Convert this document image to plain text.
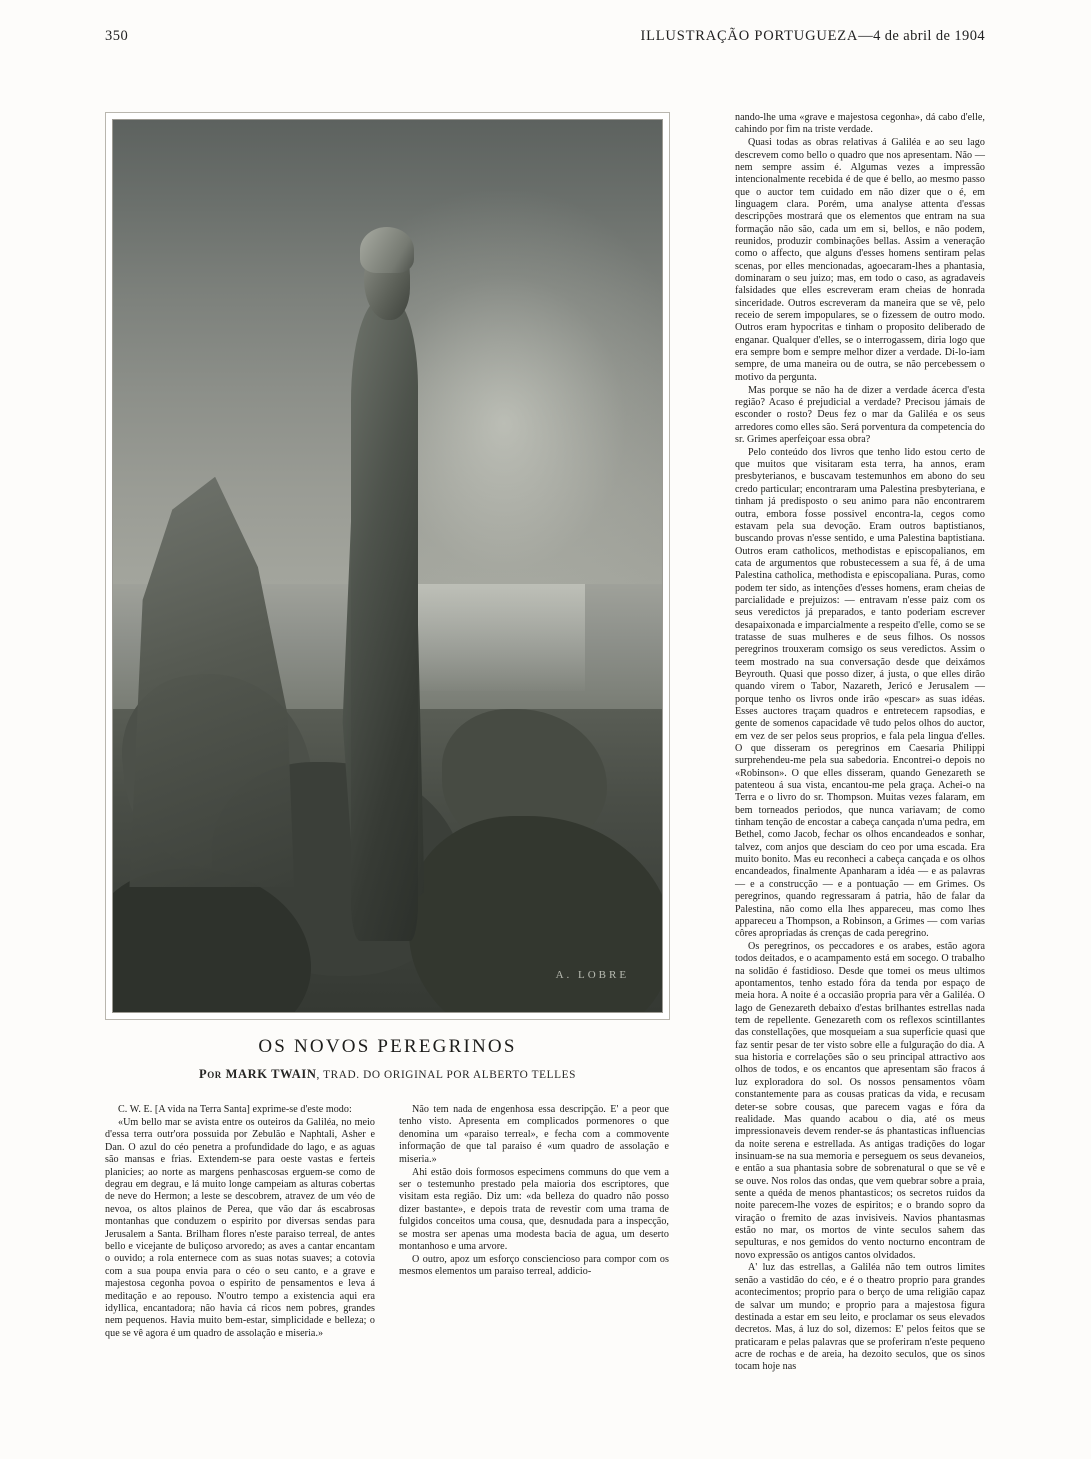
350	ILLUSTRAÇÃO PORTUGUEZA—4 de abril de 1904
A. LOBRE
OS NOVOS PEREGRINOS
Por MARK TWAIN, TRAD. DO ORIGINAL POR ALBERTO TELLES

C. W. E. [A vida na Terra Santa] exprime-se d'este modo:

«Um bello mar se avista entre os outeiros da Galiléa, no meio d'essa terra outr'ora possuida por Zebulão e Naphtali, Asher e Dan. O azul do céo penetra a profundidade do lago, e as aguas são mansas e frias. Extendem-se para oeste vastas e ferteis planicies; ao norte as margens penhascosas erguem-se como de degrau em degrau, e lá muito longe campeiam as alturas cobertas de neve do Hermon; a leste se descobrem, atravez de um véo de nevoa, os altos plainos de Perea, que vão dar ás escabrosas montanhas que conduzem o espirito por diversas sendas para Jerusalem a Santa. Brilham flores n'este paraiso terreal, de antes bello e vicejante de buliçoso arvoredo; as aves a cantar encantam o ouvido; a rola enternece com as suas notas suaves; a cotovia com a sua poupa envia para o céo o seu canto, e a grave e majestosa cegonha povoa o espirito de pensamentos e leva á meditação e ao repouso. N'outro tempo a existencia aqui era idyllica, encantadora; não havia cá ricos nem pobres, grandes nem pequenos. Havia muito bem-estar, simplicidade e belleza; o que se vê agora é um quadro de assolação e miseria.»

Não tem nada de engenhosa essa descripção. E' a peor que tenho visto. Apresenta em complicados pormenores o que denomina um «paraiso terreal», e fecha com a commovente informação de que tal paraiso é «um quadro de assolação e miseria.»

Ahi estão dois formosos especimens communs do que vem a ser o testemunho prestado pela maioria dos escriptores, que visitam esta região. Diz um: «da belleza do quadro não posso dizer bastante», e depois trata de revestir com uma trama de fulgidos conceitos uma cousa, que, desnudada para a inspecção, se mostra ser apenas uma modesta bacia de agua, um deserto montanhoso e uma arvore.

O outro, apoz um esforço consciencioso para compor com os mesmos elementos um paraiso terreal, addicio-

nando-lhe uma «grave e majestosa cegonha», dá cabo d'elle, cahindo por fim na triste verdade.

Quasi todas as obras relativas á Galiléa e ao seu lago descrevem como bello o quadro que nos apresentam. Não —nem sempre assim é. Algumas vezes a impressão intencionalmente recebida é de que é bello, ao mesmo passo que o auctor tem cuidado em não dizer que o é, em linguagem clara. Porém, uma analyse attenta d'essas descripções mostrará que os elementos que entram na sua formação não são, cada um em si, bellos, e não podem, reunidos, produzir combinações bellas. Assim a veneração como o affecto, que alguns d'esses homens sentiram pelas scenas, por elles mencionadas, agoecaram-lhes a phantasia, dominaram o seu juizo; mas, em todo o caso, as agradaveis falsidades que elles escreveram eram cheias de honrada sinceridade. Outros escreveram da maneira que se vê, pelo receio de serem impopulares, se o fizessem de outro modo. Outros eram hypocritas e tinham o proposito deliberado de enganar. Qualquer d'elles, se o interrogassem, diria logo que era sempre bom e sempre melhor dizer a verdade. Di-lo-iam sempre, de uma maneira ou de outra, se não percebessem o motivo da pergunta.

Mas porque se não ha de dizer a verdade ácerca d'esta região? Acaso é prejudicial a verdade? Precisou jámais de esconder o rosto? Deus fez o mar da Galiléa e os seus arredores como elles são. Será porventura da competencia do sr. Grimes aperfeiçoar essa obra?

Pelo conteúdo dos livros que tenho lido estou certo de que muitos que visitaram esta terra, ha annos, eram presbyterianos, e buscavam testemunhos em abono do seu credo particular; encontraram uma Palestina presbyteriana, e tinham já predisposto o seu animo para não encontrarem outra, embora fosse possivel encontra-la, cegos como estavam pela sua devoção. Eram outros baptistianos, buscando provas n'esse sentido, e uma Palestina baptistiana. Outros eram catholicos, methodistas e episcopalianos, em cata de argumentos que robustecessem a sua fé, á de uma Palestina catholica, methodista e episcopaliana. Puras, como podem ter sido, as intenções d'esses homens, eram cheias de parcialidade e prejuizos: — entravam n'esse paiz com os seus veredictos já preparados, e tanto poderiam escrever desapaixonada e imparcialmente a respeito d'elle, como se se tratasse de suas mulheres e de seus filhos. Os nossos peregrinos trouxeram comsigo os seus veredictos. Assim o teem mostrado na sua conversação desde que deixámos Beyrouth. Quasi que posso dizer, á justa, o que elles dirão quando virem o Tabor, Nazareth, Jericó e Jerusalem — porque tenho os livros onde irão «pescar» as suas idéas. Esses auctores traçam quadros e entretecem rapsodias, e gente de somenos capacidade vê tudo pelos olhos do auctor, em vez de ser pelos seus proprios, e fala pela lingua d'elles. O que disseram os peregrinos em Caesaria Philippi surprehendeu-me pela sua sabedoria. Encontrei-o depois no «Robinson». O que elles disseram, quando Genezareth se patenteou á sua vista, encantou-me pela graça. Achei-o na Terra e o livro do sr. Thompson. Muitas vezes falaram, em bem torneados periodos, que nunca variavam; de como tinham tenção de encostar a cabeça cançada n'uma pedra, em Bethel, como Jacob, fechar os olhos encandeados e sonhar, talvez, com anjos que desciam do ceo por uma escada. Era muito bonito. Mas eu reconheci a cabeça cançada e os olhos encandeados, finalmente Apanharam a idéa — e as palavras — e a construcção — e a pontuação — em Grimes. Os peregrinos, quando regressaram á patria, hão de falar da Palestina, não como ella lhes appareceu, mas como lhes appareceu a Thompson, a Robinson, a Grimes — com varias côres apropriadas ás crenças de cada peregrino.

Os peregrinos, os peccadores e os arabes, estão agora todos deitados, e o acampamento está em socego. O trabalho na solidão é fastidioso. Desde que tomei os meus ultimos apontamentos, tenho estado fóra da tenda por espaço de meia hora. A noite é a occasião propria para vêr a Galiléa. O lago de Genezareth debaixo d'estas brilhantes estrellas nada tem de repellente. Genezareth com os reflexos scintillantes das constellações, que mosqueiam a sua superficie quasi que faz sentir pesar de ter visto sobre elle a fulguração do dia. A sua historia e correlações são o seu principal attractivo aos olhos de todos, e os encantos que apresentam são fracos á luz exploradora do sol. Os nossos pensamentos vôam constantemente para as cousas praticas da vida, e recusam deter-se sobre cousas, que parecem vagas e fóra da realidade. Mas quando acabou o dia, até os meus impressionaveis devem render-se ás phantasticas influencias da noite serena e estrellada. As antigas tradições do logar insinuam-se na sua memoria e perseguem os seus devaneios, e então a sua phantasia sobre de sobrenatural o que se vê e se ouve. Nos rolos das ondas, que vem quebrar sobre a praia, sente a quéda de menos phantasticos; os secretos ruidos da noite parecem-lhe vozes de espiritos; e o brando sopro da viração o fremito de azas invisiveis. Navios phantasmas estão no mar, os mortos de vinte seculos sahem das sepulturas, e nos gemidos do vento nocturno encontram de novo expressão os antigos cantos olvidados.

A' luz das estrellas, a Galiléa não tem outros limites senão a vastidão do céo, e é o theatro proprio para grandes acontecimentos; proprio para o berço de uma religião capaz de salvar um mundo; e proprio para a majestosa figura destinada a estar em seu leito, e proclamar os seus elevados decretos. Mas, á luz do sol, dizemos: E' pelos feitos que se praticaram e pelas palavras que se proferiram n'este pequeno acre de rochas e de areia, ha dezoito seculos, que os sinos tocam hoje nas
